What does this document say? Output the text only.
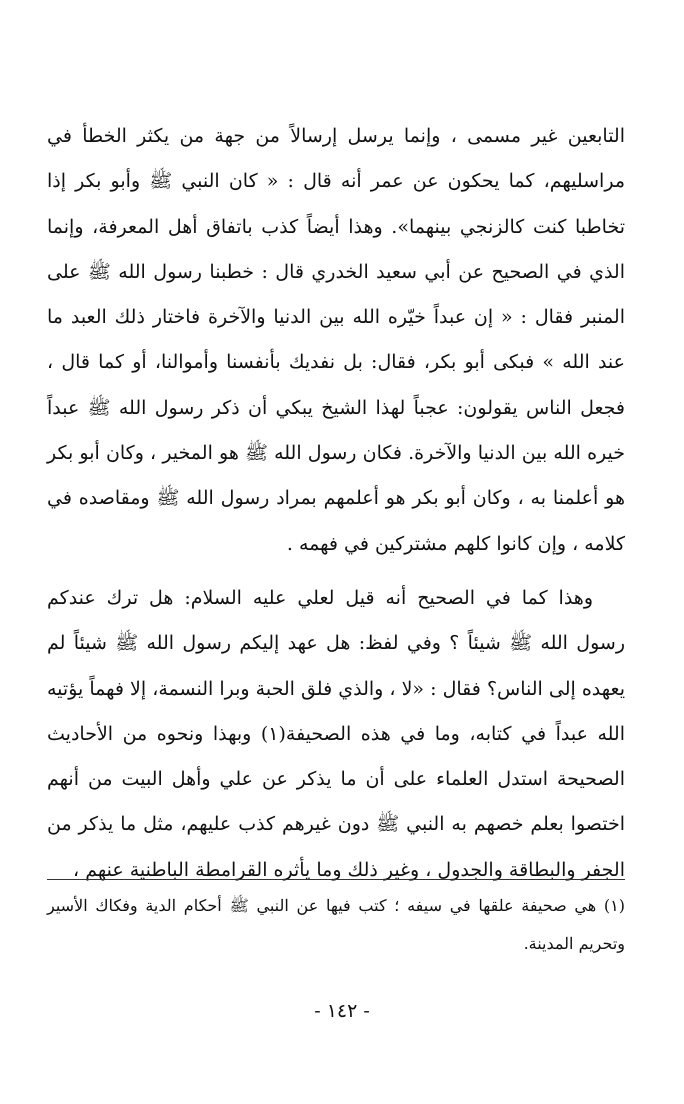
التابعين غير مسمى ، وإنما يرسل إرسالاً من جهة من يكثر الخطأ في مراسليهم، كما يحكون عن عمر أنه قال : « كان النبي ﷺ وأبو بكر إذا تخاطبا كنت كالزنجي بينهما». وهذا أيضاً كذب باتفاق أهل المعرفة، وإنما الذي في الصحيح عن أبي سعيد الخدري قال : خطبنا رسول الله ﷺ على المنبر فقال : « إن عبداً خيّره الله بين الدنيا والآخرة فاختار ذلك العبد ما عند الله » فبكى أبو بكر، فقال: بل نفديك بأنفسنا وأموالنا، أو كما قال ، فجعل الناس يقولون: عجباً لهذا الشيخ يبكي أن ذكر رسول الله ﷺ عبداً خيره الله بين الدنيا والآخرة. فكان رسول الله ﷺ هو المخير ، وكان أبو بكر هو أعلمنا به ، وكان أبو بكر هو أعلمهم بمراد رسول الله ﷺ ومقاصده في كلامه ، وإن كانوا كلهم مشتركين في فهمه .

وهذا كما في الصحيح أنه قيل لعلي عليه السلام: هل ترك عندكم رسول الله ﷺ شيئاً ؟ وفي لفظ: هل عهد إليكم رسول الله ﷺ شيئاً لم يعهده إلى الناس؟ فقال : «لا ، والذي فلق الحبة وبرا النسمة، إلا فهماً يؤتيه الله عبداً في كتابه، وما في هذه الصحيفة(١) وبهذا ونحوه من الأحاديث الصحيحة استدل العلماء على أن ما يذكر عن علي وأهل البيت من أنهم اختصوا بعلم خصهم به النبي ﷺ دون غيرهم كذب عليهم، مثل ما يذكر من الجفر والبطاقة والجدول ، وغير ذلك وما يأثره القرامطة الباطنية عنهم ،

(١) هي صحيفة علقها في سيفه ؛ كتب فيها عن النبي ﷺ أحكام الدية وفكاك الأسير وتحريم المدينة.

- ١٤٢ -
